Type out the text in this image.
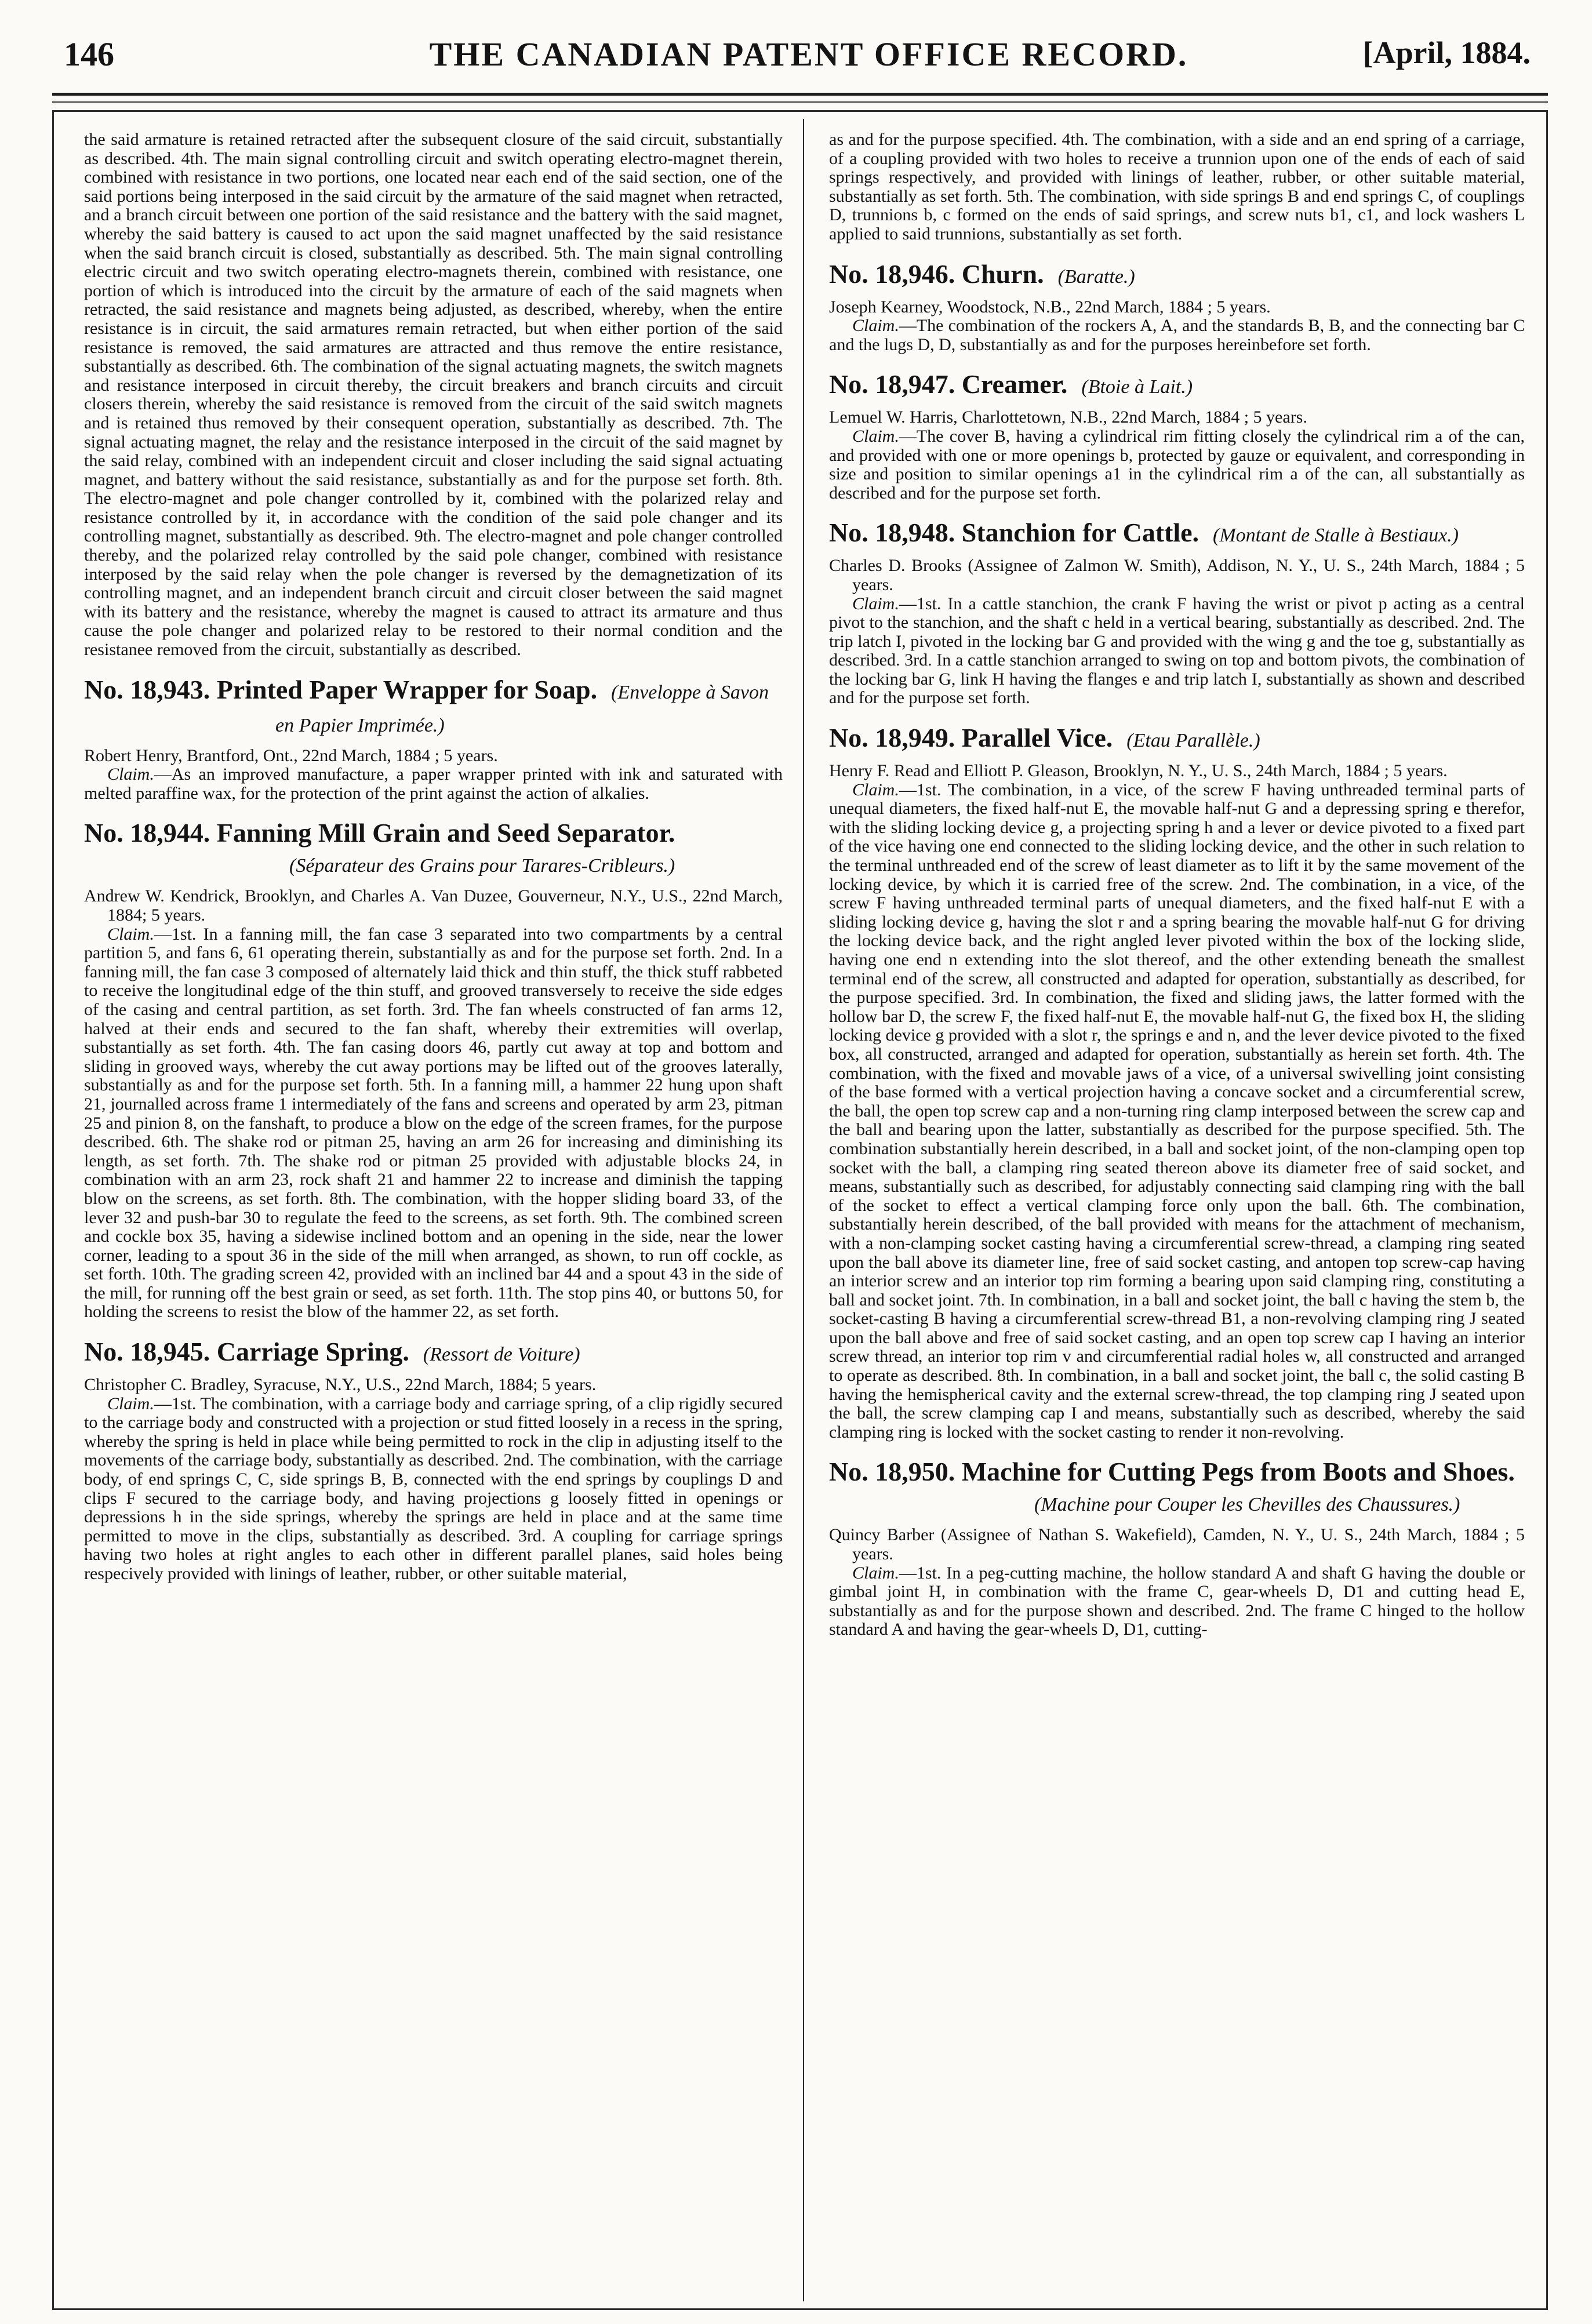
146	THE CANADIAN PATENT OFFICE RECORD.	[April, 1884.

the said armature is retained retracted after the subsequent closure of the said circuit, substantially as described. 4th. The main signal controlling circuit and switch operating electro-magnet therein, combined with resistance in two portions, one located near each end of the said section, one of the said portions being interposed in the said circuit by the armature of the said magnet when retracted, and a branch circuit between one portion of the said resistance and the battery with the said magnet, whereby the said battery is caused to act upon the said magnet unaffected by the said resistance when the said branch circuit is closed, substantially as described. 5th. The main signal controlling electric circuit and two switch operating electro-magnets therein, combined with resistance, one portion of which is introduced into the circuit by the armature of each of the said magnets when retracted, the said resistance and magnets being adjusted, as described, whereby, when the entire resistance is in circuit, the said armatures remain retracted, but when either portion of the said resistance is removed, the said armatures are attracted and thus remove the entire resistance, substantially as described. 6th. The combination of the signal actuating magnets, the switch magnets and resistance interposed in circuit thereby, the circuit breakers and branch circuits and circuit closers therein, whereby the said resistance is removed from the circuit of the said switch magnets and is retained thus removed by their consequent operation, substantially as described. 7th. The signal actuating magnet, the relay and the resistance interposed in the circuit of the said magnet by the said relay, combined with an independent circuit and closer including the said signal actuating magnet, and battery without the said resistance, substantially as and for the purpose set forth. 8th. The electro-magnet and pole changer controlled by it, combined with the polarized relay and resistance controlled by it, in accordance with the condition of the said pole changer and its controlling magnet, substantially as described. 9th. The electro-magnet and pole changer controlled thereby, and the polarized relay controlled by the said pole changer, combined with resistance interposed by the said relay when the pole changer is reversed by the demagnetization of its controlling magnet, and an independent branch circuit and circuit closer between the said magnet with its battery and the resistance, whereby the magnet is caused to attract its armature and thus cause the pole changer and polarized relay to be restored to their normal condition and the resistanee removed from the circuit, substantially as described.

No. 18,943. Printed Paper Wrapper for Soap. (Enveloppe à Savon en Papier Imprimée.)

Robert Henry, Brantford, Ont., 22nd March, 1884 ; 5 years.

Claim.—As an improved manufacture, a paper wrapper printed with ink and saturated with melted paraffine wax, for the protection of the print against the action of alkalies.

No. 18,944. Fanning Mill Grain and Seed Separator.(Séparateur des Grains pour Tarares-Cribleurs.)

Andrew W. Kendrick, Brooklyn, and Charles A. Van Duzee, Gouverneur, N.Y., U.S., 22nd March, 1884; 5 years.

Claim.—1st. In a fanning mill, the fan case 3 separated into two compartments by a central partition 5, and fans 6, 61 operating therein, substantially as and for the purpose set forth. 2nd. In a fanning mill, the fan case 3 composed of alternately laid thick and thin stuff, the thick stuff rabbeted to receive the longitudinal edge of the thin stuff, and grooved transversely to receive the side edges of the casing and central partition, as set forth. 3rd. The fan wheels constructed of fan arms 12, halved at their ends and secured to the fan shaft, whereby their extremities will overlap, substantially as set forth. 4th. The fan casing doors 46, partly cut away at top and bottom and sliding in grooved ways, whereby the cut away portions may be lifted out of the grooves laterally, substantially as and for the purpose set forth. 5th. In a fanning mill, a hammer 22 hung upon shaft 21, journalled across frame 1 intermediately of the fans and screens and operated by arm 23, pitman 25 and pinion 8, on the fanshaft, to produce a blow on the edge of the screen frames, for the purpose described. 6th. The shake rod or pitman 25, having an arm 26 for increasing and diminishing its length, as set forth. 7th. The shake rod or pitman 25 provided with adjustable blocks 24, in combination with an arm 23, rock shaft 21 and hammer 22 to increase and diminish the tapping blow on the screens, as set forth. 8th. The combination, with the hopper sliding board 33, of the lever 32 and push-bar 30 to regulate the feed to the screens, as set forth. 9th. The combined screen and cockle box 35, having a sidewise inclined bottom and an opening in the side, near the lower corner, leading to a spout 36 in the side of the mill when arranged, as shown, to run off cockle, as set forth. 10th. The grading screen 42, provided with an inclined bar 44 and a spout 43 in the side of the mill, for running off the best grain or seed, as set forth. 11th. The stop pins 40, or buttons 50, for holding the screens to resist the blow of the hammer 22, as set forth.

No. 18,945. Carriage Spring. (Ressort de Voiture)

Christopher C. Bradley, Syracuse, N.Y., U.S., 22nd March, 1884; 5 years.

Claim.—1st. The combination, with a carriage body and carriage spring, of a clip rigidly secured to the carriage body and constructed with a projection or stud fitted loosely in a recess in the spring, whereby the spring is held in place while being permitted to rock in the clip in adjusting itself to the movements of the carriage body, substantially as described. 2nd. The combination, with the carriage body, of end springs C, C, side springs B, B, connected with the end springs by couplings D and clips F secured to the carriage body, and having projections g loosely fitted in openings or depressions h in the side springs, whereby the springs are held in place and at the same time permitted to move in the clips, substantially as described. 3rd. A coupling for carriage springs having two holes at right angles to each other in different parallel planes, said holes being respecively provided with linings of leather, rubber, or other suitable material,

as and for the purpose specified. 4th. The combination, with a side and an end spring of a carriage, of a coupling provided with two holes to receive a trunnion upon one of the ends of each of said springs respectively, and provided with linings of leather, rubber, or other suitable material, substantially as set forth. 5th. The combination, with side springs B and end springs C, of couplings D, trunnions b, c formed on the ends of said springs, and screw nuts b1, c1, and lock washers L applied to said trunnions, substantially as set forth.

No. 18,946. Churn. (Baratte.)

Joseph Kearney, Woodstock, N.B., 22nd March, 1884 ; 5 years.

Claim.—The combination of the rockers A, A, and the standards B, B, and the connecting bar C and the lugs D, D, substantially as and for the purposes hereinbefore set forth.

No. 18,947. Creamer. (Btoie à Lait.)

Lemuel W. Harris, Charlottetown, N.B., 22nd March, 1884 ; 5 years.

Claim.—The cover B, having a cylindrical rim fitting closely the cylindrical rim a of the can, and provided with one or more openings b, protected by gauze or equivalent, and corresponding in size and position to similar openings a1 in the cylindrical rim a of the can, all substantially as described and for the purpose set forth.

No. 18,948. Stanchion for Cattle. (Montant de Stalle à Bestiaux.)

Charles D. Brooks (Assignee of Zalmon W. Smith), Addison, N. Y., U. S., 24th March, 1884 ; 5 years.

Claim.—1st. In a cattle stanchion, the crank F having the wrist or pivot p acting as a central pivot to the stanchion, and the shaft c held in a vertical bearing, substantially as described. 2nd. The trip latch I, pivoted in the locking bar G and provided with the wing g and the toe g, substantially as described. 3rd. In a cattle stanchion arranged to swing on top and bottom pivots, the combination of the locking bar G, link H having the flanges e and trip latch I, substantially as shown and described and for the purpose set forth.

No. 18,949. Parallel Vice. (Etau Parallèle.)

Henry F. Read and Elliott P. Gleason, Brooklyn, N. Y., U. S., 24th March, 1884 ; 5 years.

Claim.—1st. The combination, in a vice, of the screw F having unthreaded terminal parts of unequal diameters, the fixed half-nut E, the movable half-nut G and a depressing spring e therefor, with the sliding locking device g, a projecting spring h and a lever or device pivoted to a fixed part of the vice having one end connected to the sliding locking device, and the other in such relation to the terminal unthreaded end of the screw of least diameter as to lift it by the same movement of the locking device, by which it is carried free of the screw. 2nd. The combination, in a vice, of the screw F having unthreaded terminal parts of unequal diameters, and the fixed half-nut E with a sliding locking device g, having the slot r and a spring bearing the movable half-nut G for driving the locking device back, and the right angled lever pivoted within the box of the locking slide, having one end n extending into the slot thereof, and the other extending beneath the smallest terminal end of the screw, all constructed and adapted for operation, substantially as described, for the purpose specified. 3rd. In combination, the fixed and sliding jaws, the latter formed with the hollow bar D, the screw F, the fixed half-nut E, the movable half-nut G, the fixed box H, the sliding locking device g provided with a slot r, the springs e and n, and the lever device pivoted to the fixed box, all constructed, arranged and adapted for operation, substantially as herein set forth. 4th. The combination, with the fixed and movable jaws of a vice, of a universal swivelling joint consisting of the base formed with a vertical projection having a concave socket and a circumferential screw, the ball, the open top screw cap and a non-turning ring clamp interposed between the screw cap and the ball and bearing upon the latter, substantially as described for the purpose specified. 5th. The combination substantially herein described, in a ball and socket joint, of the non-clamping open top socket with the ball, a clamping ring seated thereon above its diameter free of said socket, and means, substantially such as described, for adjustably connecting said clamping ring with the ball of the socket to effect a vertical clamping force only upon the ball. 6th. The combination, substantially herein described, of the ball provided with means for the attachment of mechanism, with a non-clamping socket casting having a circumferential screw-thread, a clamping ring seated upon the ball above its diameter line, free of said socket casting, and antopen top screw-cap having an interior screw and an interior top rim forming a bearing upon said clamping ring, constituting a ball and socket joint. 7th. In combination, in a ball and socket joint, the ball c having the stem b, the socket-casting B having a circumferential screw-thread B1, a non-revolving clamping ring J seated upon the ball above and free of said socket casting, and an open top screw cap I having an interior screw thread, an interior top rim v and circumferential radial holes w, all constructed and arranged to operate as described. 8th. In combination, in a ball and socket joint, the ball c, the solid casting B having the hemispherical cavity and the external screw-thread, the top clamping ring J seated upon the ball, the screw clamping cap I and means, substantially such as described, whereby the said clamping ring is locked with the socket casting to render it non-revolving.

No. 18,950. Machine for Cutting Pegs from Boots and Shoes.(Machine pour Couper les Chevilles des Chaussures.)

Quincy Barber (Assignee of Nathan S. Wakefield), Camden, N. Y., U. S., 24th March, 1884 ; 5 years.

Claim.—1st. In a peg-cutting machine, the hollow standard A and shaft G having the double or gimbal joint H, in combination with the frame C, gear-wheels D, D1 and cutting head E, substantially as and for the purpose shown and described. 2nd. The frame C hinged to the hollow standard A and having the gear-wheels D, D1, cutting-
